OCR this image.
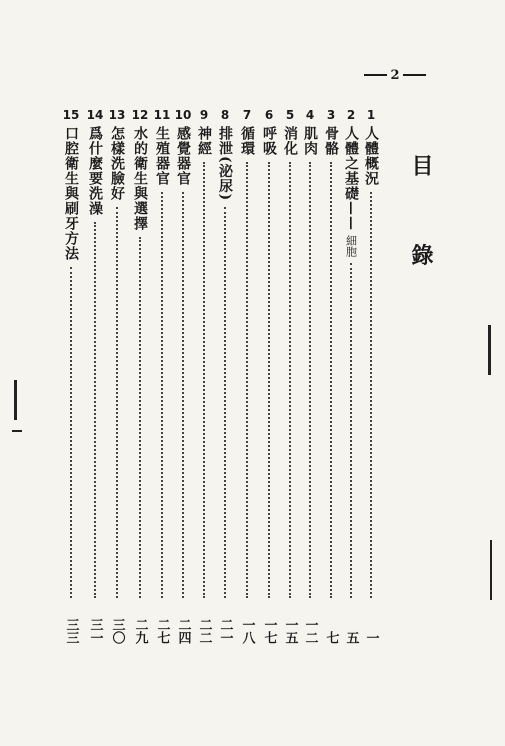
2
目 錄
1
人體概況
一
2
人體之基礎——
細胞
五
3
骨骼
七
4
肌肉
一二
5
消化
一五
6
呼吸
一七
7
循環
一八
8
排泄(泌尿)
二一
9
神經
二二
10
感覺器官
二四
11
生殖器官
二七
12
水的衛生與選擇
二九
13
怎樣洗臉好
三〇
14
爲什麼要洗澡
三一
15
口腔衛生與刷牙方法
三三
